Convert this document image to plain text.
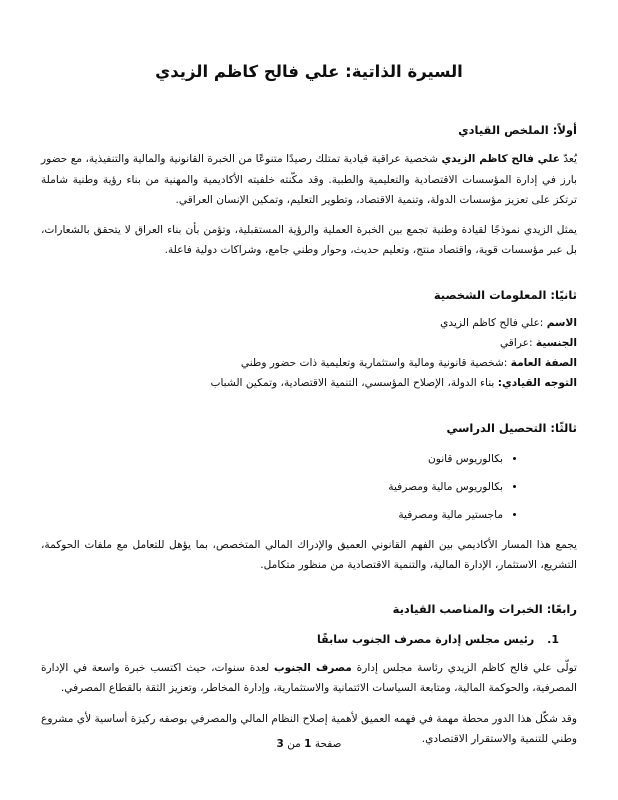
السيرة الذاتية: علي فالح كاظم الزيدي
أولاً: الملخص القيادي

يُعدّ علي فالح كاظم الزيدي شخصية عراقية قيادية تمتلك رصيدًا متنوعًا من الخبرة القانونية والمالية والتنفيذية، مع حضور بارز في إدارة المؤسسات الاقتصادية والتعليمية والطبية. وقد مكّنته خلفيته الأكاديمية والمهنية من بناء رؤية وطنية شاملة ترتكز على تعزيز مؤسسات الدولة، وتنمية الاقتصاد، وتطوير التعليم، وتمكين الإنسان العراقي.

يمثل الزيدي نموذجًا لقيادة وطنية تجمع بين الخبرة العملية والرؤية المستقبلية، وتؤمن بأن بناء العراق لا يتحقق بالشعارات، بل عبر مؤسسات قوية، واقتصاد منتج، وتعليم حديث، وحوار وطني جامع، وشراكات دولية فاعلة.

ثانيًا: المعلومات الشخصية
الاسم :علي فالح كاظم الزيدي
الجنسية :عراقي
الصفة العامة :شخصية قانونية ومالية واستثمارية وتعليمية ذات حضور وطني
التوجه القيادي: بناء الدولة، الإصلاح المؤسسي، التنمية الاقتصادية، وتمكين الشباب
ثالثًا: التحصيل الدراسي
• بكالوريوس قانون
• بكالوريوس مالية ومصرفية
• ماجستير مالية ومصرفية

يجمع هذا المسار الأكاديمي بين الفهم القانوني العميق والإدراك المالي المتخصص، بما يؤهل للتعامل مع ملفات الحوكمة، التشريع، الاستثمار، الإدارة المالية، والتنمية الاقتصادية من منظور متكامل.

رابعًا: الخبرات والمناصب القيادية
1.رئيس مجلس إدارة مصرف الجنوب سابقًا

تولّى علي فالح كاظم الزيدي رئاسة مجلس إدارة مصرف الجنوب لعدة سنوات، حيث اكتسب خبرة واسعة في الإدارة المصرفية، والحوكمة المالية، ومتابعة السياسات الائتمانية والاستثمارية، وإدارة المخاطر، وتعزيز الثقة بالقطاع المصرفي.

وقد شكّل هذا الدور محطة مهمة في فهمه العميق لأهمية إصلاح النظام المالي والمصرفي بوصفه ركيزة أساسية لأي مشروع وطني للتنمية والاستقرار الاقتصادي.

صفحة 1 من 3
